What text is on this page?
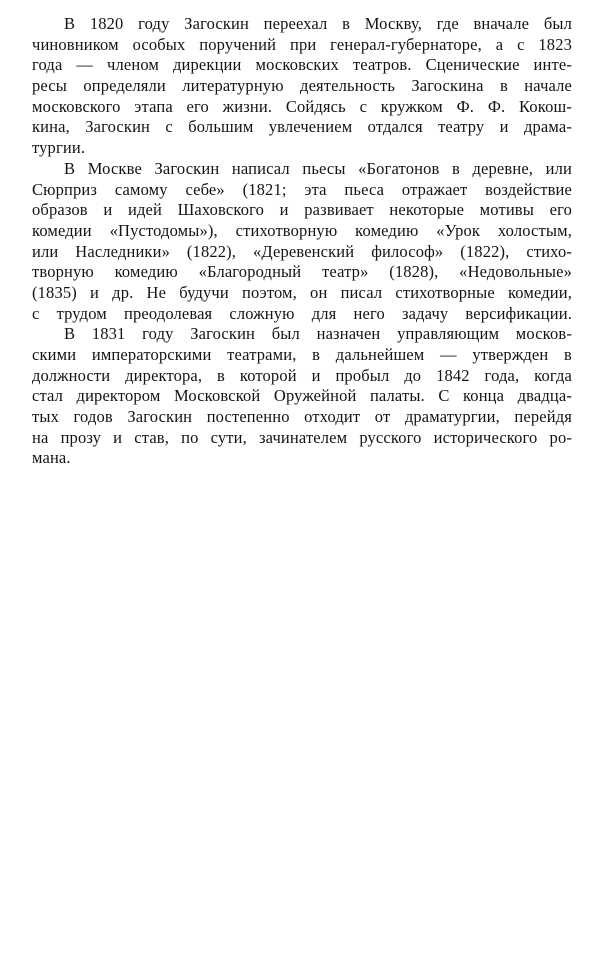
В 1820 году Загоскин переехал в Москву, где вначале был
чиновником особых поручений при генерал-губернаторе, а с 1823
года — членом дирекции московских театров. Сценические инте-
ресы определяли литературную деятельность Загоскина в начале
московского этапа его жизни. Сойдясь с кружком Ф. Ф. Кокош-
кина, Загоскин с большим увлечением отдался театру и драма-
тургии.
В Москве Загоскин написал пьесы «Богатонов в деревне, или
Сюрприз самому себе» (1821; эта пьеса отражает воздействие
образов и идей Шаховского и развивает некоторые мотивы его
комедии «Пустодомы»), стихотворную комедию «Урок холостым,
или Наследники» (1822), «Деревенский философ» (1822), стихо-
творную комедию «Благородный театр» (1828), «Недовольные»
(1835) и др. Не будучи поэтом, он писал стихотворные комедии,
с трудом преодолевая сложную для него задачу версификации.
В 1831 году Загоскин был назначен управляющим москов-
скими императорскими театрами, в дальнейшем — утвержден в
должности директора, в которой и пробыл до 1842 года, когда
стал директором Московской Оружейной палаты. С конца двадца-
тых годов Загоскин постепенно отходит от драматургии, перейдя
на прозу и став, по сути, зачинателем русского исторического ро-
мана.
